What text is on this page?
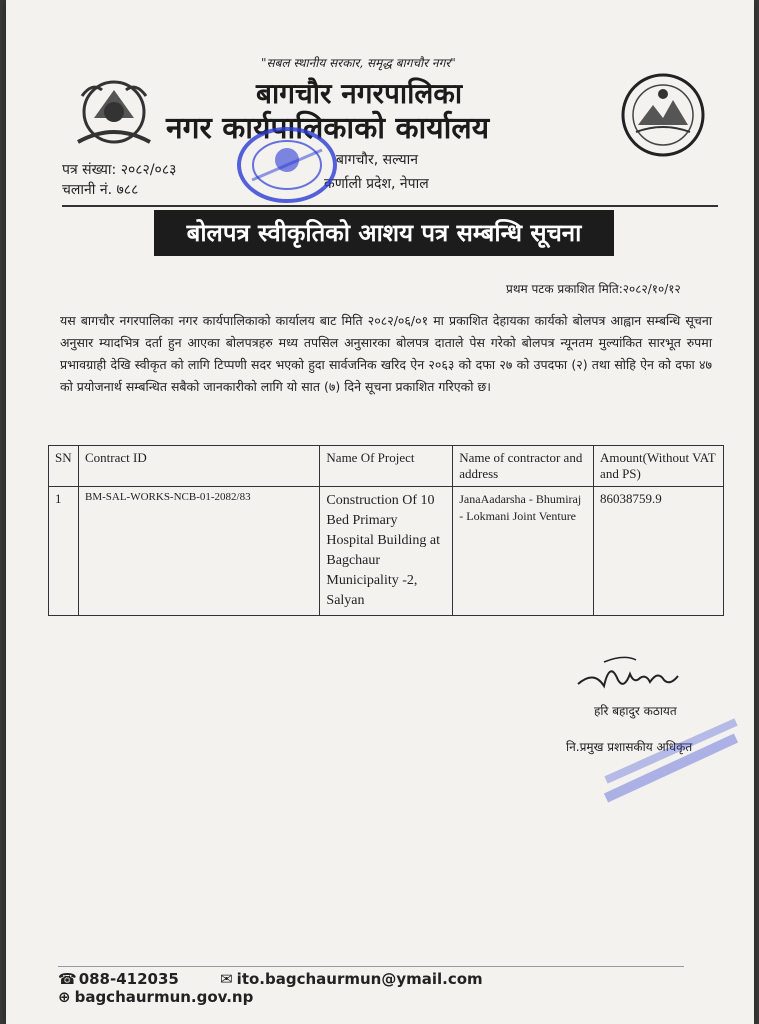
"सबल स्थानीय सरकार, समृद्ध बागचौर नगर"
बागचौर नगरपालिका
नगर कार्यपालिकाको कार्यालय
बागचौर, सल्यान
कर्णाली प्रदेश, नेपाल
पत्र संख्या: २०८२/०८३
चलानी नं. ७८८
बोलपत्र स्वीकृतिको आशय पत्र सम्बन्धि सूचना
प्रथम पटक प्रकाशित मिति:२०८२/१०/१२
यस बागचौर नगरपालिका नगर कार्यपालिकाको कार्यालय बाट मिति २०८२/०६/०१ मा प्रकाशित देहायका कार्यको बोलपत्र आह्वान सम्बन्धि सूचना अनुसार म्यादभित्र दर्ता हुन आएका बोलपत्रहरु मध्य तपसिल अनुसारका बोलपत्र दाताले पेस गरेको बोलपत्र न्यूनतम मुल्यांकित सारभूत रुपमा प्रभावग्राही देखि स्वीकृत को लागि टिप्पणी सदर भएको हुदा सार्वजनिक खरिद ऐन २०६३ को दफा २७ को उपदफा (२) तथा सोहि ऐन को दफा ४७ को प्रयोजनार्थ सम्बन्धित सबैको जानकारीको लागि यो सात (७) दिने सूचना प्रकाशित गरिएको छ।
SN	Contract ID	Name Of Project	Name of contractor and address	Amount(Without VAT and PS)
1	BM-SAL-WORKS-NCB-01-2082/83	Construction Of 10 Bed Primary Hospital Building at Bagchaur Municipality -2, Salyan	JanaAadarsha - Bhumiraj - Lokmani Joint Venture	86038759.9
हरि बहादुर कठायत
नि.प्रमुख प्रशासकीय अधिकृत
☎ 088-412035	✉ ito.bagchaurmun@ymail.com ⊕ bagchaurmun.gov.np
